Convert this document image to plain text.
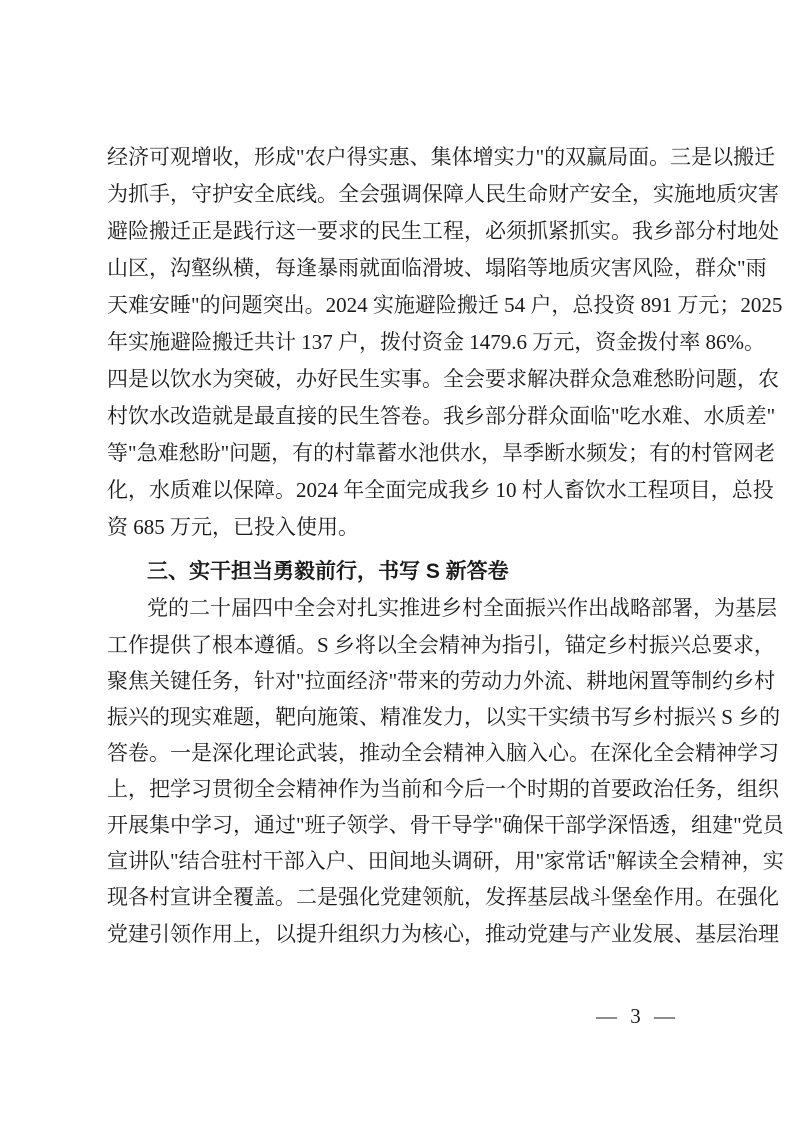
经济可观增收，形成"农户得实惠、集体增实力"的双赢局面。三是以搬迁
为抓手，守护安全底线。全会强调保障人民生命财产安全，实施地质灾害
避险搬迁正是践行这一要求的民生工程，必须抓紧抓实。我乡部分村地处
山区，沟壑纵横，每逢暴雨就面临滑坡、塌陷等地质灾害风险，群众"雨
天难安睡"的问题突出。2024 实施避险搬迁 54 户，总投资 891 万元；2025
年实施避险搬迁共计 137 户，拨付资金 1479.6 万元，资金拨付率 86%。
四是以饮水为突破，办好民生实事。全会要求解决群众急难愁盼问题，农
村饮水改造就是最直接的民生答卷。我乡部分群众面临"吃水难、水质差"
等"急难愁盼"问题，有的村靠蓄水池供水，旱季断水频发；有的村管网老
化，水质难以保障。2024 年全面完成我乡 10 村人畜饮水工程项目，总投
资 685 万元，已投入使用。
三、实干担当勇毅前行，书写 S 新答卷
党的二十届四中全会对扎实推进乡村全面振兴作出战略部署，为基层
工作提供了根本遵循。S 乡将以全会精神为指引，锚定乡村振兴总要求，
聚焦关键任务，针对"拉面经济"带来的劳动力外流、耕地闲置等制约乡村
振兴的现实难题，靶向施策、精准发力，以实干实绩书写乡村振兴 S 乡的
答卷。一是深化理论武装，推动全会精神入脑入心。在深化全会精神学习
上，把学习贯彻全会精神作为当前和今后一个时期的首要政治任务，组织
开展集中学习，通过"班子领学、骨干导学"确保干部学深悟透，组建"党员
宣讲队"结合驻村干部入户、田间地头调研，用"家常话"解读全会精神，实
现各村宣讲全覆盖。二是强化党建领航，发挥基层战斗堡垒作用。在强化
党建引领作用上，以提升组织力为核心，推动党建与产业发展、基层治理
— 3 —
